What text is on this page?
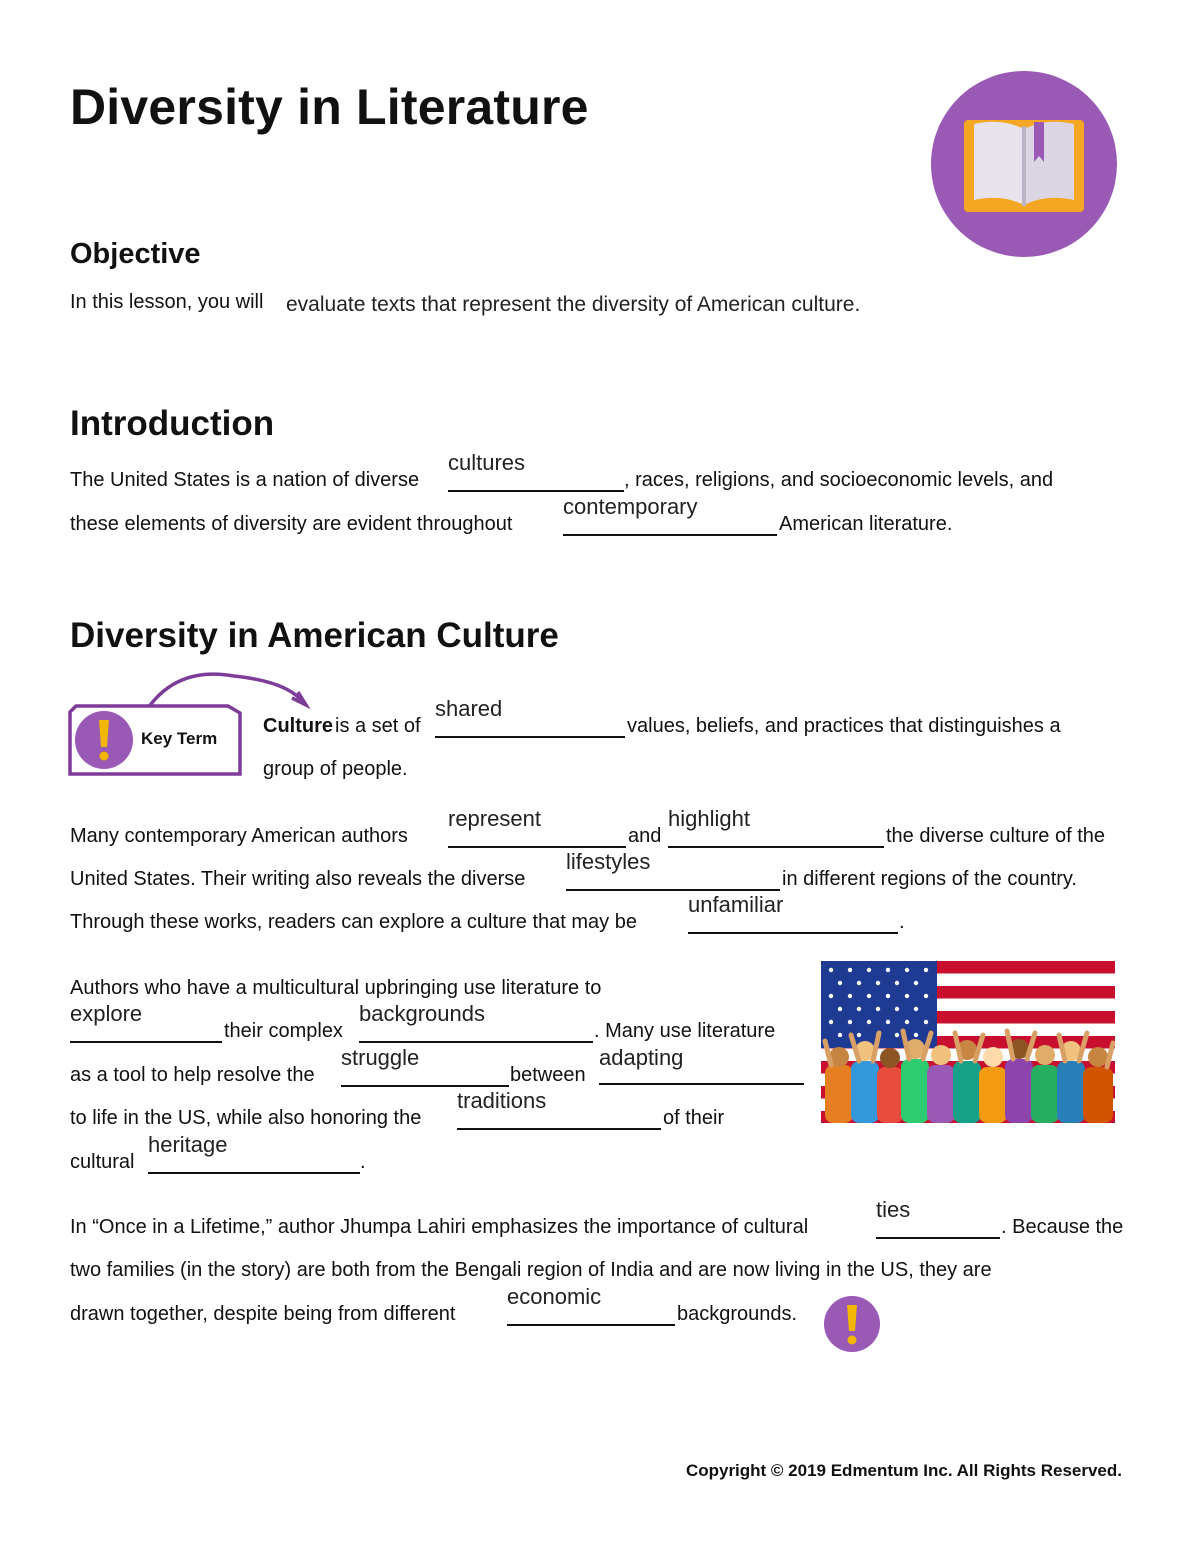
Diversity in Literature
Objective
In this lesson, you will evaluate texts that represent the diversity of American culture.
Introduction
The United States is a nation of diverse
cultures
, races, religions, and socioeconomic levels, and
these elements of diversity are evident throughout
contemporary
American literature.
Diversity in American Culture
Key Term
Culture is a set of
shared
values, beliefs, and practices that distinguishes a
group of people.
Many contemporary American authors
represent
and
highlight
the diverse culture of the
United States. Their writing also reveals the diverse
lifestyles
in different regions of the country.
Through these works, readers can explore a culture that may be
unfamiliar
.
Authors who have a multicultural upbringing use literature to
explore
their complex
backgrounds
. Many use literature
as a tool to help resolve the
struggle
between
adapting
to life in the US, while also honoring the
traditions
of their
cultural
heritage
.
In “Once in a Lifetime,” author Jhumpa Lahiri emphasizes the importance of cultural
ties
. Because the
two families (in the story) are both from the Bengali region of India and are now living in the US, they are
drawn together, despite being from different
economic
backgrounds.
Copyright © 2019 Edmentum Inc. All Rights Reserved.
